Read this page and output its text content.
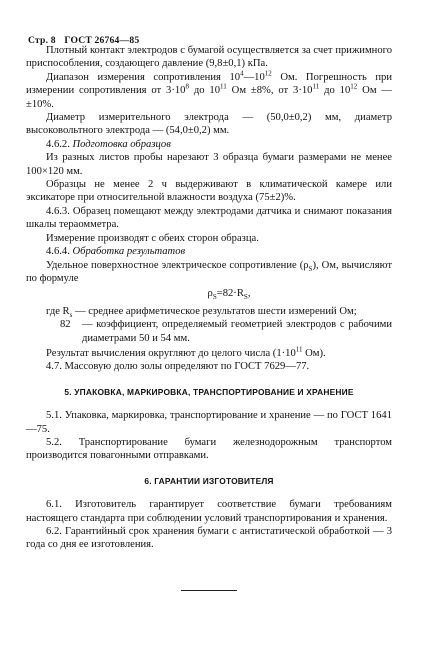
Стр. 8 ГОСТ 26764—85

Плотный контакт электродов с бумагой осуществляется за счет прижимного приспособления, создающего давление (9,8±0,1) кПа.

Диапазон измерения сопротивления $10^4—10^{12}$ Ом. Погрешность при измерении сопротивления от $3\cdot 10^8$ до $10^{11}$ Ом ±8%, от $3\cdot 10^{11}$ до $10^{12}$ Ом — ±10%.

Диаметр измерительного электрода — (50,0±0,2) мм, диаметр высоковольтного электрода — (54,0±0,2) мм.

4.6.2. Подготовка образцов

Из разных листов пробы нарезают 3 образца бумаги размерами не менее 100×120 мм.

Образцы не менее 2 ч выдерживают в климатической камере или эксикаторе при относительной влажности воздуха (75±2)%.

4.6.3. Образец помещают между электродами датчика и снимают показания шкалы тераомметра.

Измерение производят с обеих сторон образца.

4.6.4. Обработка результатов

Удельное поверхностное электрическое сопротивление $(\rho_S)$, Ом, вычисляют по формуле

$\rho_S=82\cdot R_S$,
где $R_s$ — среднее арифметическое результатов шести измерений Ом;
82	— коэффициент, определяемый геометрией электродов с рабочими диаметрами 50 и 54 мм.

Результат вычисления округляют до целого числа ($1\cdot 10^{11}$ Ом).

4.7. Массовую долю золы определяют по ГОСТ 7629—77.

5. УПАКОВКА, МАРКИРОВКА, ТРАНСПОРТИРОВАНИЕ И ХРАНЕНИЕ

5.1. Упаковка, маркировка, транспортирование и хранение — по ГОСТ 1641—75.

5.2. Транспортирование бумаги железнодорожным транспортом производится повагонными отправками.

6. ГАРАНТИИ ИЗГОТОВИТЕЛЯ

6.1. Изготовитель гарантирует соответствие бумаги требованиям настоящего стандарта при соблюдении условий транспортирования и хранения.

6.2. Гарантийный срок хранения бумаги с антистатической обработкой — 3 года со дня ее изготовления.
